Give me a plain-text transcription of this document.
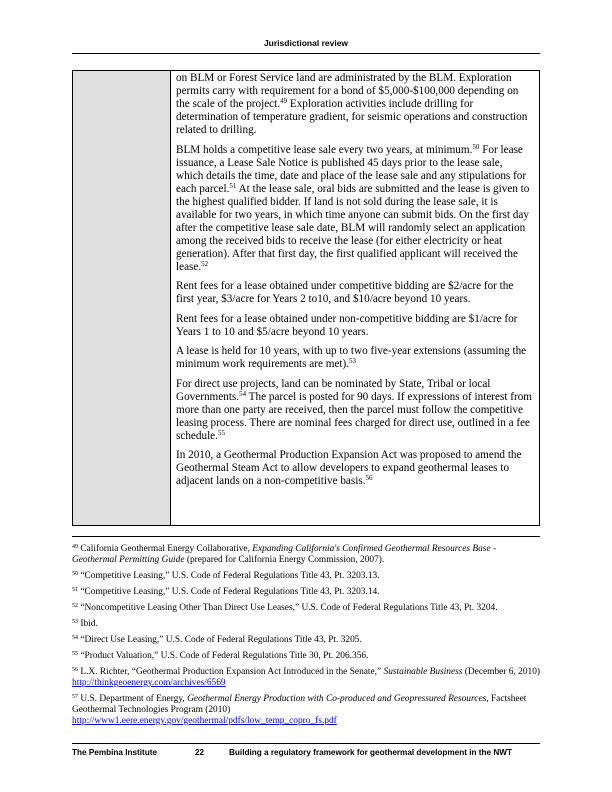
Jurisdictional review

on BLM or Forest Service land are administrated by the BLM. Exploration permits carry with requirement for a bond of $5,000-$100,000 depending on the scale of the project.$^{49}$ Exploration activities include drilling for determination of temperature gradient, for seismic operations and construction related to drilling.

BLM holds a competitive lease sale every two years, at minimum.$^{50}$ For lease issuance, a Lease Sale Notice is published 45 days prior to the lease sale, which details the time, date and place of the lease sale and any stipulations for each parcel.$^{51}$ At the lease sale, oral bids are submitted and the lease is given to the highest qualified bidder. If land is not sold during the lease sale, it is available for two years, in which time anyone can submit bids. On the first day after the competitive lease sale date, BLM will randomly select an application among the received bids to receive the lease (for either electricity or heat generation). After that first day, the first qualified applicant will received the lease.$^{52}$

Rent fees for a lease obtained under competitive bidding are $2/acre for the first year, $3/acre for Years 2 to10, and $10/acre beyond 10 years.

Rent fees for a lease obtained under non-competitive bidding are $1/acre for Years 1 to 10 and $5/acre beyond 10 years.

A lease is held for 10 years, with up to two five-year extensions (assuming the minimum work requirements are met).$^{53}$

For direct use projects, land can be nominated by State, Tribal or local Governments.$^{54}$ The parcel is posted for 90 days. If expressions of interest from more than one party are received, then the parcel must follow the competitive leasing process. There are nominal fees charged for direct use, outlined in a fee schedule.$^{55}$

In 2010, a Geothermal Production Expansion Act was proposed to amend the Geothermal Steam Act to allow developers to expand geothermal leases to adjacent lands on a non-competitive basis.$^{56}$

$^{49}$ California Geothermal Energy Collaborative, Expanding California's Confirmed Geothermal Resources Base - Geothermal Permitting Guide (prepared for California Energy Commission, 2007).

$^{50}$ “Competitive Leasing,” U.S. Code of Federal Regulations Title 43, Pt. 3203.13.

$^{51}$ “Competitive Leasing,” U.S. Code of Federal Regulations Title 43, Pt. 3203.14.

$^{52}$ “Noncompetitive Leasing Other Than Direct Use Leases,” U.S. Code of Federal Regulations Title 43, Pt. 3204.

$^{53}$ Ibid.

$^{54}$ “Direct Use Leasing,” U.S. Code of Federal Regulations Title 43, Pt. 3205.

$^{55}$ “Product Valuation,” U.S. Code of Federal Regulations Title 30, Pt. 206.356.

$^{56}$ L.X. Richter, “Geothermal Production Expansion Act Introduced in the Senate,” Sustainable Business (December 6, 2010) http://thinkgeoenergy.com/archives/6569

$^{57}$ U.S. Department of Energy, Geothermal Energy Production with Co-produced and Geopressured Resources, Factsheet Geothermal Technologies Program (2010)
http://www1.eere.energy.gov/geothermal/pdfs/low_temp_copro_fs.pdf

The Pembina Institute	22	Building a regulatory framework for geothermal development in the NWT
